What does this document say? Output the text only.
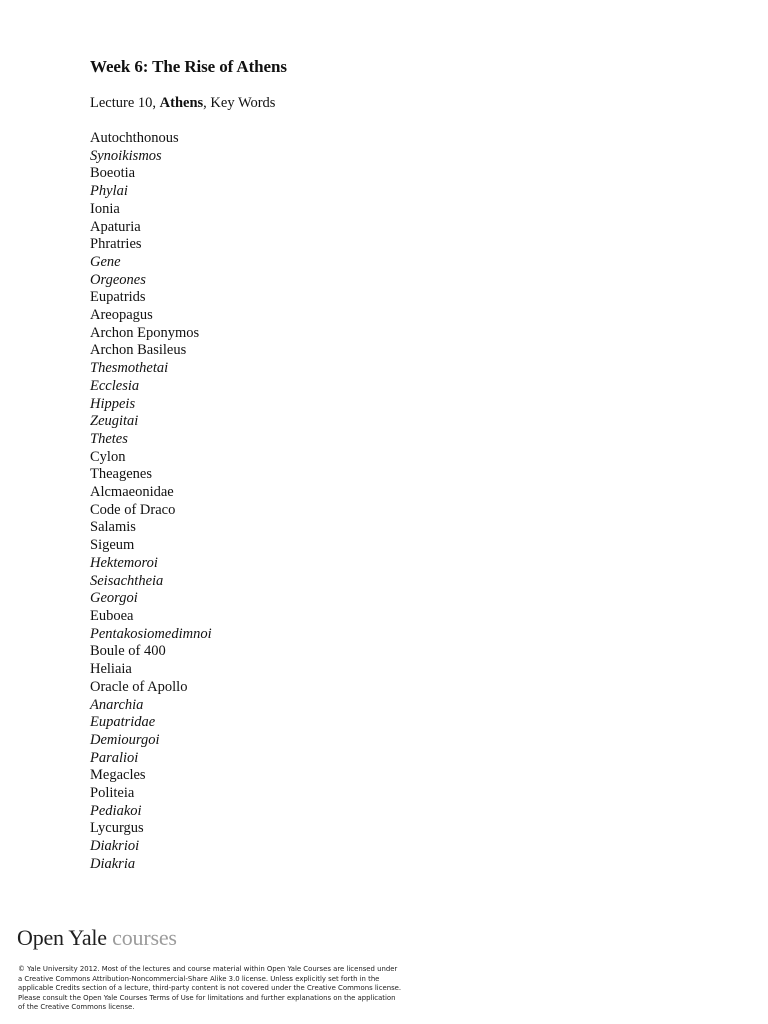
Week 6: The Rise of Athens
Lecture 10, Athens, Key Words
Autochthonous
Synoikismos
Boeotia
Phylai
Ionia
Apaturia
Phratries
Gene
Orgeones
Eupatrids
Areopagus
Archon Eponymos
Archon Basileus
Thesmothetai
Ecclesia
Hippeis
Zeugitai
Thetes
Cylon
Theagenes
Alcmaeonidae
Code of Draco
Salamis
Sigeum
Hektemoroi
Seisachtheia
Georgoi
Euboea
Pentakosiomedimnoi
Boule of 400
Heliaia
Oracle of Apollo
Anarchia
Eupatridae
Demiourgoi
Paralioi
Megacles
Politeia
Pediakoi
Lycurgus
Diakrioi
Diakria
Open Yale courses

© Yale University 2012. Most of the lectures and course material within Open Yale Courses are licensed under a Creative Commons Attribution-Noncommercial-Share Alike 3.0 license. Unless explicitly set forth in the applicable Credits section of a lecture, third-party content is not covered under the Creative Commons license. Please consult the Open Yale Courses Terms of Use for limitations and further explanations on the application of the Creative Commons license.
